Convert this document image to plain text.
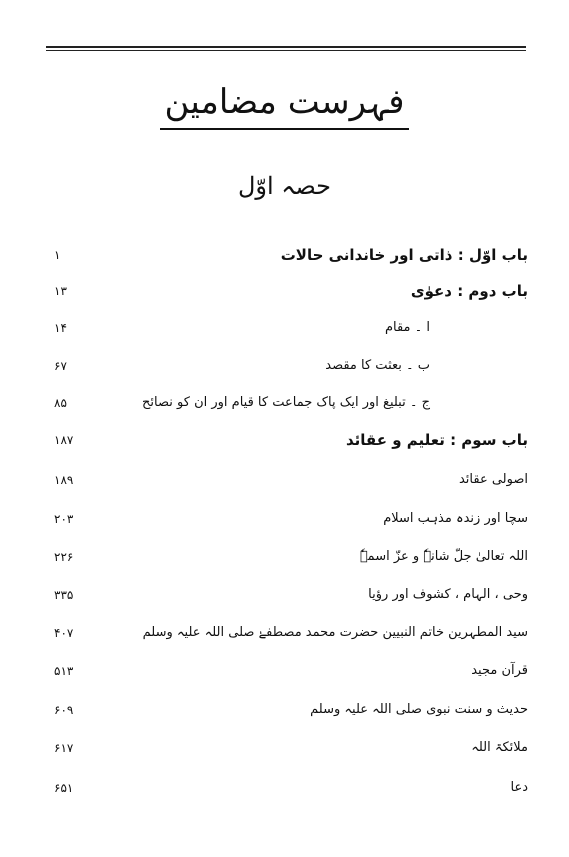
فہرست مضامین
حصہ اوّل
باب اوّل : ذاتی اور خاندانی حالات
۱
باب دوم : دعوٰی
۱۳
ا ۔ مقام
۱۴
ب ۔ بعثت کا مقصد
۶۷
ج ۔ تبلیغ اور ایک پاک جماعت کا قیام اور ان کو نصائح
۸۵
باب سوم : تعلیم و عقائد
۱۸۷
اصولی عقائد
۱۸۹
سچا اور زندہ مذہب اسلام
۲۰۳
اللہ تعالیٰ جلّ شانہٗ و عزّ اسمہٗ
۲۲۶
وحی ، الہام ، کشوف اور رؤیا
۳۳۵
سید المطہرین خاتم النبیین حضرت محمد مصطفےٰ صلی اللہ علیہ وسلم
۴۰۷
قرآن مجید
۵۱۳
حدیث و سنت نبوی صلی اللہ علیہ وسلم
۶۰۹
ملائکۃ اللہ
۶۱۷
دعا
۶۵۱
